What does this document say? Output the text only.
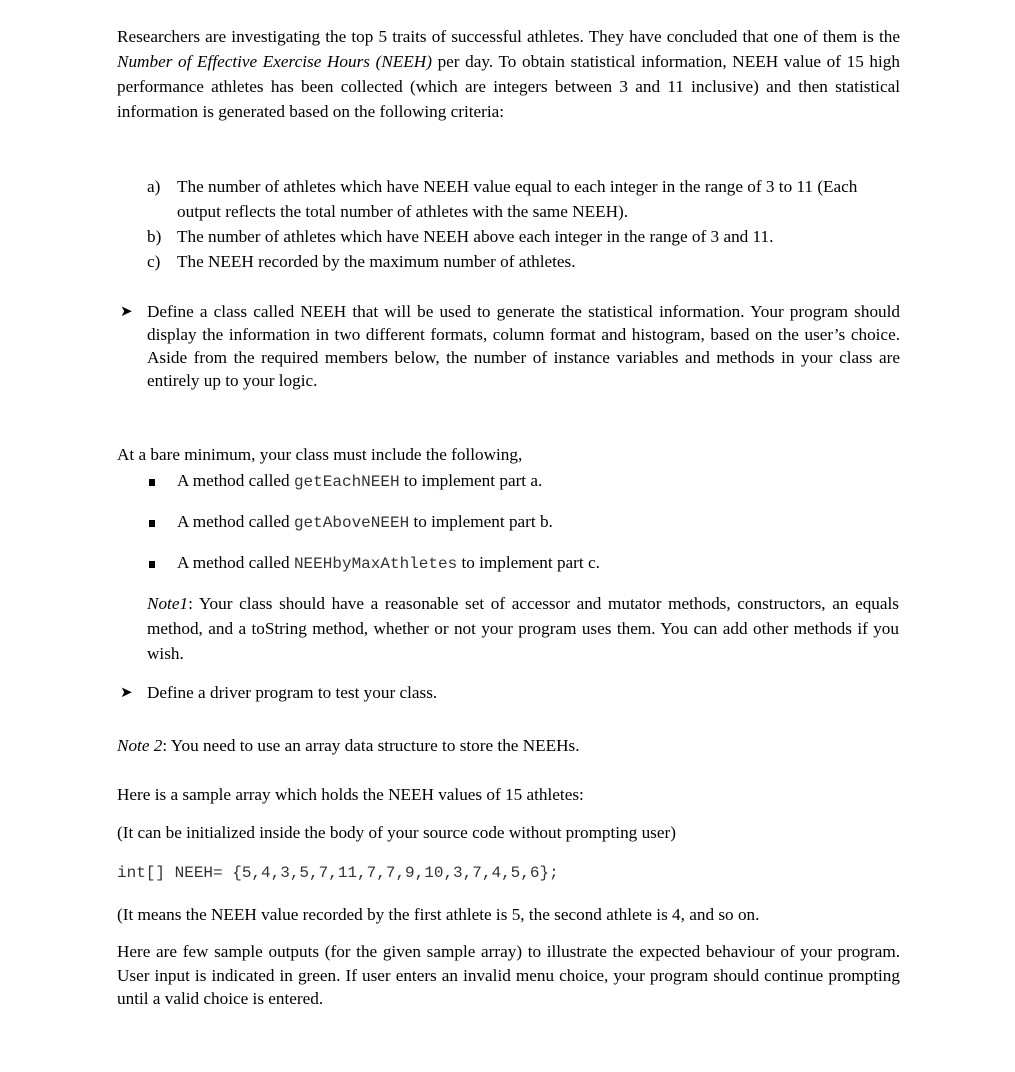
Researchers are investigating the top 5 traits of successful athletes. They have concluded that one of them is the Number of Effective Exercise Hours (NEEH) per day. To obtain statistical information, NEEH value of 15 high performance athletes has been collected (which are integers between 3 and 11 inclusive) and then statistical information is generated based on the following criteria:

a) The number of athletes which have NEEH value equal to each integer in the range of 3 to 11 (Each output reflects the total number of athletes with the same NEEH).
b) The number of athletes which have NEEH above each integer in the range of 3 and 11.
c) The NEEH recorded by the maximum number of athletes.
➤ Define a class called NEEH that will be used to generate the statistical information. Your program should display the information in two different formats, column format and histogram, based on the user’s choice. Aside from the required members below, the number of instance variables and methods in your class are entirely up to your logic.

At a bare minimum, your class must include the following,

A method called getEachNEEH to implement part a.
A method called getAboveNEEH to implement part b.
A method called NEEHbyMaxAthletes to implement part c.

Note1: Your class should have a reasonable set of accessor and mutator methods, constructors, an equals method, and a toString method, whether or not your program uses them. You can add other methods if you wish.

➤ Define a driver program to test your class.

Note 2: You need to use an array data structure to store the NEEHs.

Here is a sample array which holds the NEEH values of 15 athletes:

(It can be initialized inside the body of your source code without prompting user)

int[] NEEH= {5,4,3,5,7,11,7,7,9,10,3,7,4,5,6};

(It means the NEEH value recorded by the first athlete is 5, the second athlete is 4, and so on.

Here are few sample outputs (for the given sample array) to illustrate the expected behaviour of your program. User input is indicated in green. If user enters an invalid menu choice, your program should continue prompting until a valid choice is entered.
